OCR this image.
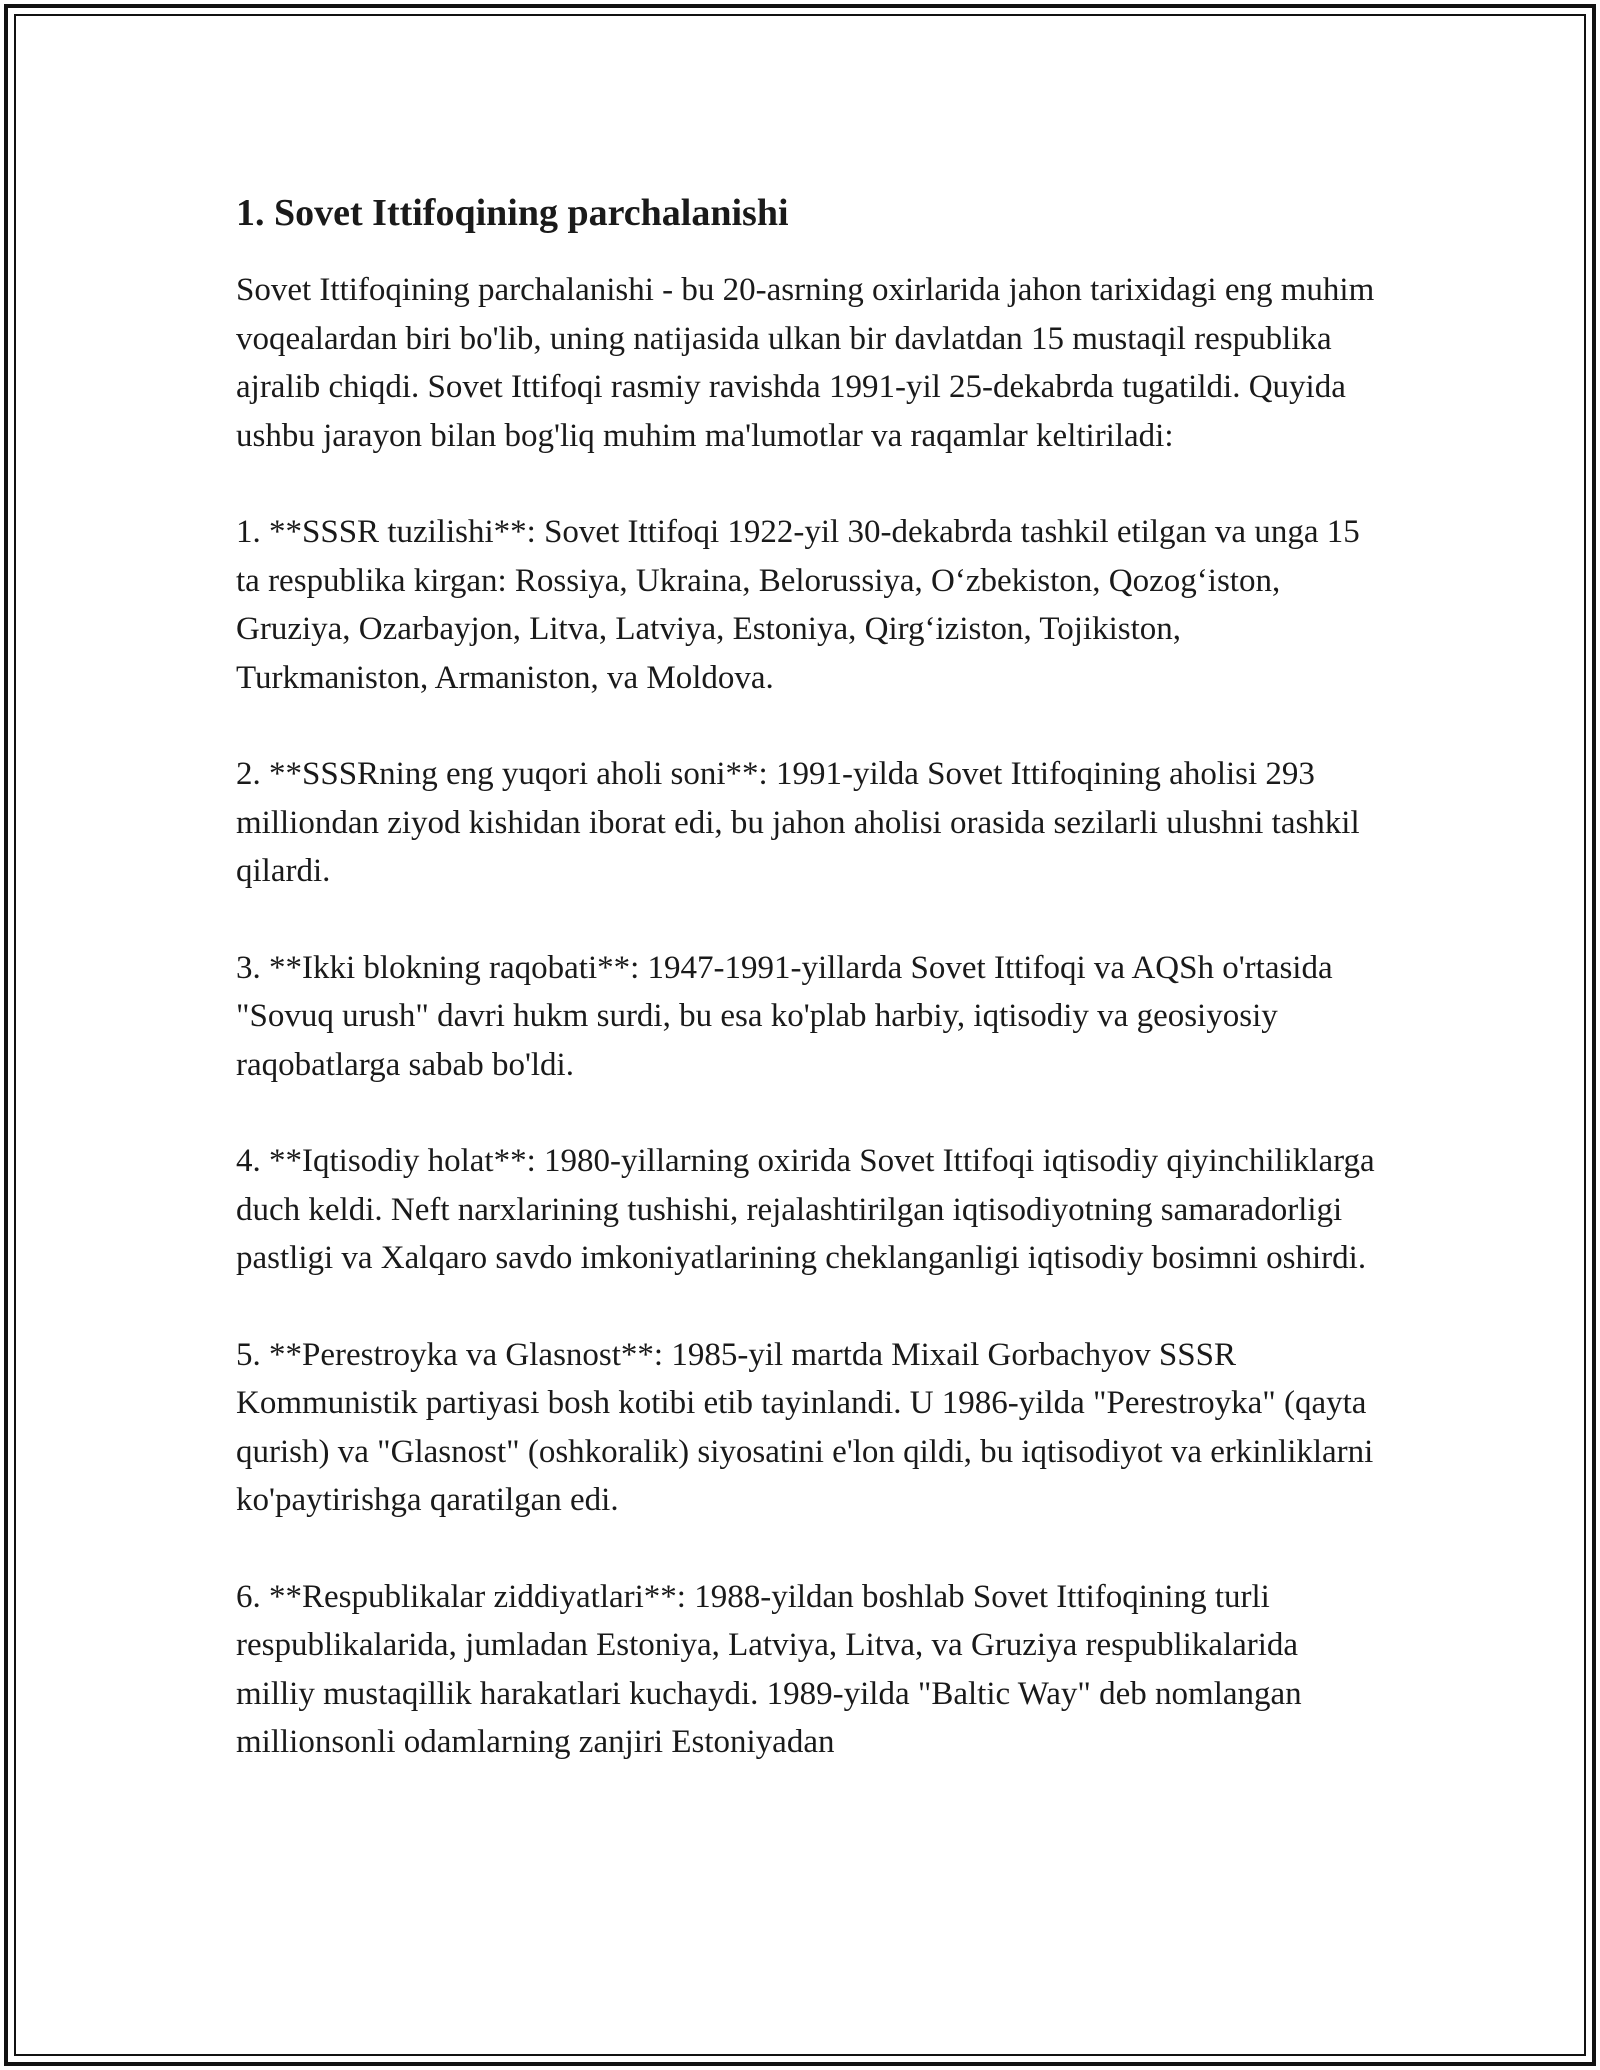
1. Sovet Ittifoqining parchalanishi

Sovet Ittifoqining parchalanishi - bu 20-asrning oxirlarida jahon tarixidagi eng muhim voqealardan biri bo'lib, uning natijasida ulkan bir davlatdan 15 mustaqil respublika ajralib chiqdi. Sovet Ittifoqi rasmiy ravishda 1991-yil 25-dekabrda tugatildi. Quyida ushbu jarayon bilan bog'liq muhim ma'lumotlar va raqamlar keltiriladi:

1. **SSSR tuzilishi**: Sovet Ittifoqi 1922-yil 30-dekabrda tashkil etilgan va unga 15 ta respublika kirgan: Rossiya, Ukraina, Belorussiya, O‘zbekiston, Qozog‘iston, Gruziya, Ozarbayjon, Litva, Latviya, Estoniya, Qirg‘iziston, Tojikiston, Turkmaniston, Armaniston, va Moldova.

2. **SSSRning eng yuqori aholi soni**: 1991-yilda Sovet Ittifoqining aholisi 293 milliondan ziyod kishidan iborat edi, bu jahon aholisi orasida sezilarli ulushni tashkil qilardi.

3. **Ikki blokning raqobati**: 1947-1991-yillarda Sovet Ittifoqi va AQSh o'rtasida "Sovuq urush" davri hukm surdi, bu esa ko'plab harbiy, iqtisodiy va geosiyosiy raqobatlarga sabab bo'ldi.

4. **Iqtisodiy holat**: 1980-yillarning oxirida Sovet Ittifoqi iqtisodiy qiyinchiliklarga duch keldi. Neft narxlarining tushishi, rejalashtirilgan iqtisodiyotning samaradorligi pastligi va Xalqaro savdo imkoniyatlarining cheklanganligi iqtisodiy bosimni oshirdi.

5. **Perestroyka va Glasnost**: 1985-yil martda Mixail Gorbachyov SSSR Kommunistik partiyasi bosh kotibi etib tayinlandi. U 1986-yilda "Perestroyka" (qayta qurish) va "Glasnost" (oshkoralik) siyosatini e'lon qildi, bu iqtisodiyot va erkinliklarni ko'paytirishga qaratilgan edi.

6. **Respublikalar ziddiyatlari**: 1988-yildan boshlab Sovet Ittifoqining turli respublikalarida, jumladan Estoniya, Latviya, Litva, va Gruziya respublikalarida milliy mustaqillik harakatlari kuchaydi. 1989-yilda "Baltic Way" deb nomlangan millionsonli odamlarning zanjiri Estoniyadan
